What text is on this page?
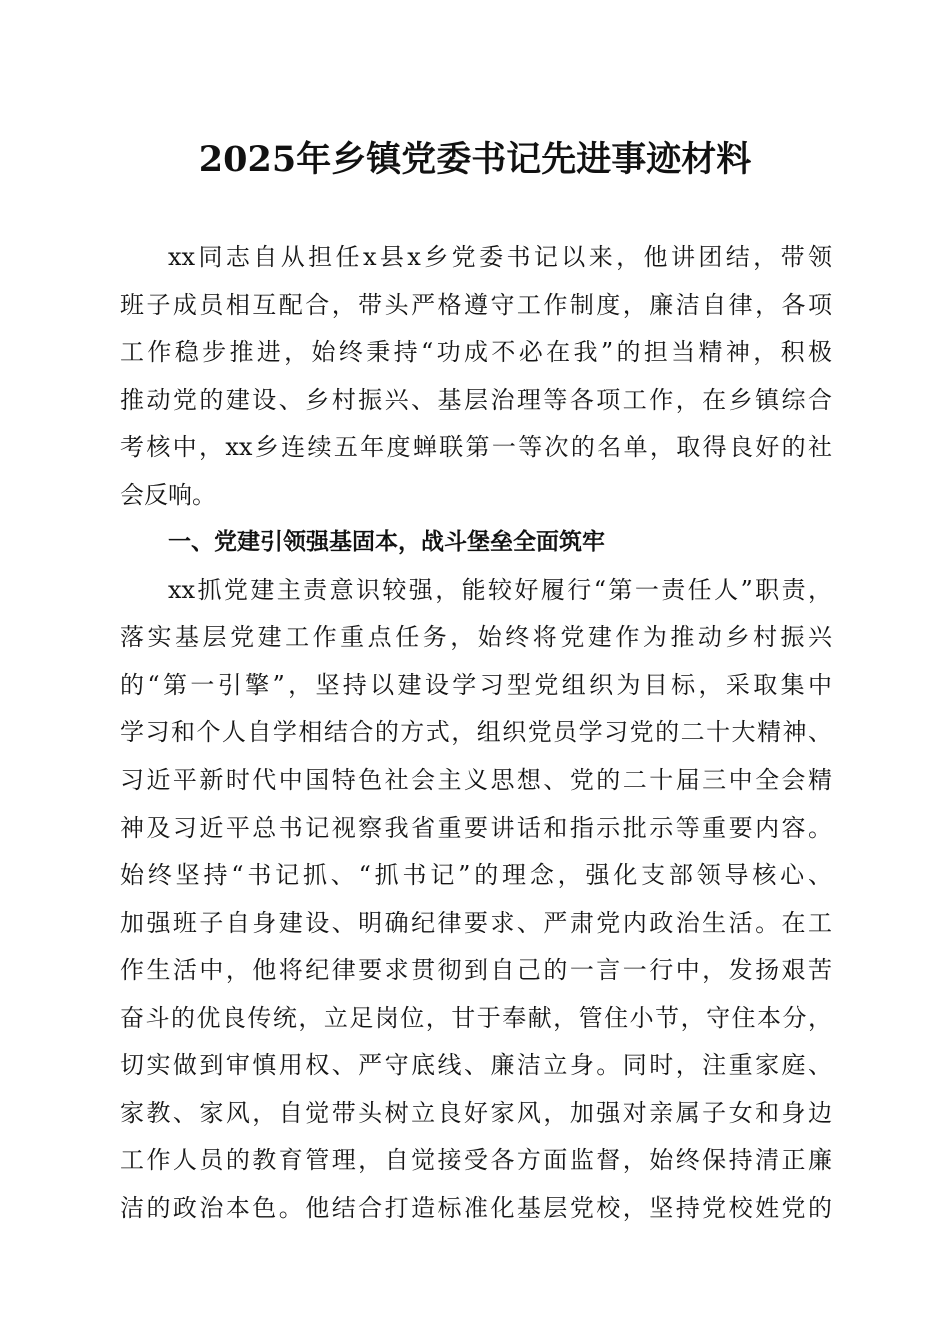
2025年乡镇党委书记先进事迹材料
xx同志自从担任x县x乡党委书记以来，他讲团结，带领
班子成员相互配合，带头严格遵守工作制度，廉洁自律，各项
工作稳步推进，始终秉持“功成不必在我”的担当精神，积极
推动党的建设、乡村振兴、基层治理等各项工作，在乡镇综合
考核中，xx乡连续五年度蝉联第一等次的名单，取得良好的社
会反响。
一、党建引领强基固本，战斗堡垒全面筑牢
xx抓党建主责意识较强，能较好履行“第一责任人”职责，
落实基层党建工作重点任务，始终将党建作为推动乡村振兴
的“第一引擎”，坚持以建设学习型党组织为目标，采取集中
学习和个人自学相结合的方式，组织党员学习党的二十大精神、
习近平新时代中国特色社会主义思想、党的二十届三中全会精
神及习近平总书记视察我省重要讲话和指示批示等重要内容。
始终坚持“书记抓、“抓书记”的理念，强化支部领导核心、
加强班子自身建设、明确纪律要求、严肃党内政治生活。在工
作生活中，他将纪律要求贯彻到自己的一言一行中，发扬艰苦
奋斗的优良传统，立足岗位，甘于奉献，管住小节，守住本分，
切实做到审慎用权、严守底线、廉洁立身。同时，注重家庭、
家教、家风，自觉带头树立良好家风，加强对亲属子女和身边
工作人员的教育管理，自觉接受各方面监督，始终保持清正廉
洁的政治本色。他结合打造标准化基层党校，坚持党校姓党的
